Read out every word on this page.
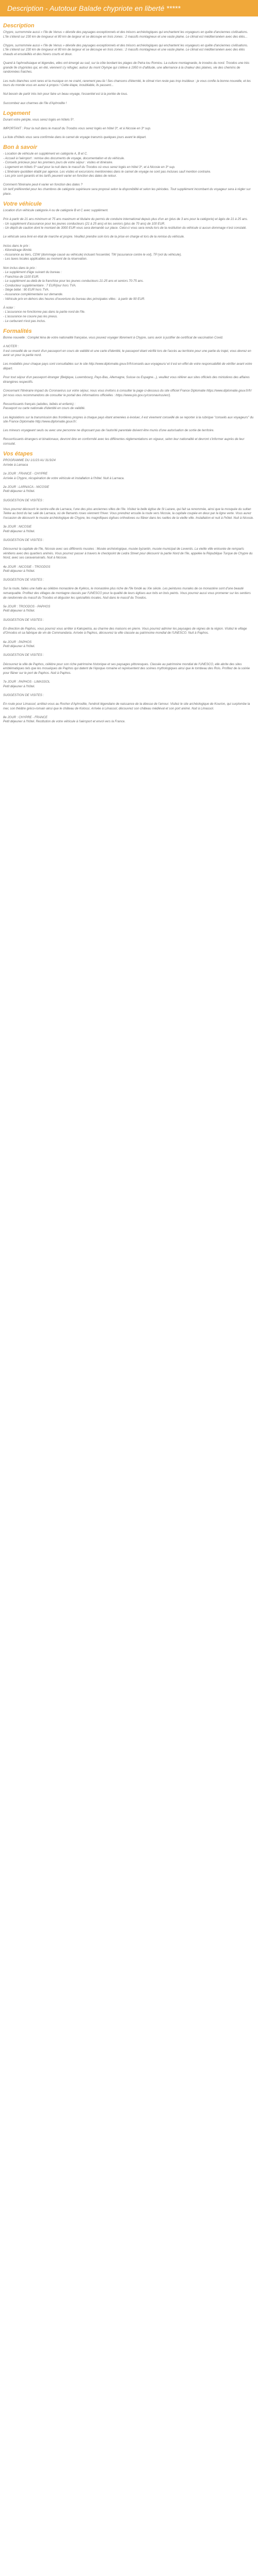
Description - Autotour Balade chypriote en liberté *****
Description

Chypre, surnommée aussi « l'île de Venus » dévoile des paysages exceptionnels et des trésors archéologiques qui enchantent les voyageurs en quête d'anciennes civilisations.
L'île s'étend sur 230 km de longueur et 80 km de largeur et se découpe en trois zones : 2 massifs montagneux et une vaste plaine. Le climat est méditerranéen avec des étés...

Chypre, surnommée aussi « l'île de Venus » dévoile des paysages exceptionnels et des trésors archéologiques qui enchantent les voyageurs en quête d'anciennes civilisations.
L'île s'étend sur 230 km de longueur et 80 km de largeur et se découpe en trois zones : 2 massifs montagneux et une vaste plaine. Le climat est méditerranéen avec des étés chauds et ensoleillés et des hivers courts et doux.

Quand à l'aphrodisiaque et légendes, elles ont émergé au sud, sur la côte bordant les plages de Petra tou Romiou. La culture montagnarde, le troodos du nord. Troodos une très grande île chypriotes qui, en été, viennent s'y réfugier, autour du mont Olympe qui s'élève à 1950 m d'altitude, une alternance à la chaleur des plaines, vie des chemins de randonnées fraiches.

Les nuits blanches sont rares et la musique on ne craint, rarement peu-là ! Ses chansons d'éternité, le climat n'en reste pas trop insidieux : je vous confie la bonne nouvelle, et les tours du monde vous en aurez à propos ! Cette étape, inoubliable, ils passent...

Nul besoin de partir très loin pour faire un beau voyage, l'essentiel est à la portée de tous.

Succombez aux charmes de l'île d'Aphrodite !

Logement

Durant votre périple, vous serez logés en hôtels 5*.

IMPORTANT : Pour la nuit dans le massif du Troodos vous serez logés en hôtel 3*, et à Nicosie en 3* sup.

La liste d'hôtels vous sera confirmée dans le carnet de voyage transmis quelques jours avant le départ.

Bon à savoir

- Location de véhicule en supplément en catégorie A, B et C.
- Accueil à l'aéroport : remise des documents de voyage, documentation et du véhicule.
- Conseils précieux pour les premiers jours de votre séjour : visites et itinéraire.
- Logement en hôtels 5* sauf pour la nuit dans le massif du Troodos où vous serez logés en hôtel 3*, et à Nicosie en 3* sup.
- L'itinéraire quotidien établi par agence. Les visites et excursions mentionnées dans le carnet de voyage ne sont pas incluses sauf mention contraire.
- Les prix sont garantis et les tarifs peuvent varier en fonction des dates de retour.

Comment l'itinéraire peut-il varier en fonction des dates ?
Un tarif préférentiel pour les chambres de catégorie supérieure sera proposé selon la disponibilité et selon les périodes. Tout supplément incombant du voyageur sera à régler sur place.

Votre véhicule

Location d'un véhicule catégorie A ou de catégorie B et C avec supplément.

Prix à partir de 21 ans minimum et 75 ans maximum et titulaire du permis de conduire international depuis plus d'un an (plus de 3 ans pour la catégorie) et âgés de 21 à 25 ans.
- Un supplément d'assurance pour les jeunes conducteurs (21 à 25 ans) et les seniors (plus de 70 ans) de 100 EUR.
- Un dépôt de caution dont le montant de 3000 EUR vous sera demandé sur place. Celui-ci vous sera rendu lors de la restitution du véhicule si aucun dommage n'est constaté.

Le véhicule sera livré en état de marche et propre. Veuillez prendre soin lors de la prise en charge et lors de la remise du véhicule.

Inclus dans le prix :
- Kilométrage illimité.
- Assurance au tiers, CDW (dommage causé au véhicule) incluant l'essentiel, TW (assurance contre le vol), TP (vol du véhicule).
- Les taxes locales applicables au moment de la réservation.

Non inclus dans le prix :
- Le supplément d'âge suivant du bureau :
- Franchise de 1100 EUR.
- Le supplément au-delà de la franchise pour les jeunes conducteurs 21-25 ans et seniors 70-75 ans.
- Conducteur supplémentaire : 7 EUR/jour hors TVA.
- Siège bébé : 90 EUR hors TVA.
- Assurance complémentaire sur demande.
- Véhicule prix en dehors des heures d'ouverture du bureau des principales villes : à partir de 90 EUR.

À noter :
- L'assurance ne fonctionne pas dans la partie nord de l'île.
- L'assurance ne couvre pas les pneus.
- Le carburant n'est pas inclus.

Formalités

Bonne nouvelle : Complet léna de votre nationalité française, vous pouvez voyager librement à Chypre, sans avoir à justifier de certificat de vaccination Covid.

A NOTER :
Il est conseillé de se munir d'un passeport en cours de validité et une carte d'identité, le passeport étant vérifié lors de l'accès au territoire pour une partie du trajet, vous devrez en avoir un pour la partie nord.

Les modalités pour chaque pays sont consultables sur le site http://www.diplomatie.gouv.fr/fr/conseils-aux-voyageurs/ et il est en effet de votre responsabilité de vérifier avant votre départ.

Pour tout séjour d'un passeport étranger (Belgique, Luxembourg, Pays-Bas, Allemagne, Suisse ou Espagne...), veuillez vous référer aux sites officiels des ministères des affaires étrangères respectifs.

Concernant l'itinéraire impact du Coronavirus sur votre séjour, nous vous invitons à consulter la page ci-dessous du site officiel France Diplomatie https://www.diplomatie.gouv.fr/fr/ (et nous vous recommandons de consulter le portail des informations officielles : https://www.pio.gov.cy/coronavirus/en/).

Ressortissants français (adultes, bébés et enfants) :
Passeport ou carte nationale d'identité en cours de validité.

Les législations sur la transmission des frontières propres à chaque pays étant amenées à évoluer, il est vivement conseillé de se reporter à la rubrique "conseils aux voyageurs" du site France Diplomatie http://www.diplomatie.gouv.fr/.

Les mineurs voyageant seuls ou avec une personne ne disposant pas de l'autorité parentale doivent être munis d'une autorisation de sortie de territoire.

Ressortissants étrangers et binationaux, devront être en conformité avec les différentes réglementations en vigueur, selon leur nationalité et devront s'informer auprès de leur consulat.

Vos étapes

PROGRAMME DU 1/1/23 AU 31/3/24
Arrivée à Larnaca

1e JOUR : FRANCE - CHYPRE
Arrivée à Chypre, récupération de votre véhicule et installation à l'hôtel. Nuit à Larnaca.

2e JOUR : LARNACA - NICOSIE
Petit déjeuner à l'hôtel.

SUGGESTION DE VISITES :

Vous pourrez découvrir le centre-ville de Larnaca, l'une des plus anciennes villes de l'île. Visitez la belle église de St Lazare, qui fait sa renommée, ainsi que la mosquée du sultan Tekke au bord du lac salé de Larnaca, où de flamants roses viennent l'hiver. Vous prendrez ensuite la route vers Nicosie, la capitale coupée en deux par la ligne verte. Vous aurez l'occasion de découvrir le musée archéologique de Chypre, les magnifiques églises orthodoxes ou flâner dans les ruelles de la vieille ville. Installation et nuit à l'hôtel. Nuit à Nicosie.

3e JOUR : NICOSIE
Petit déjeuner à l'hôtel.

SUGGESTION DE VISITES :

Découvrez la capitale de l'île, Nicosie avec ses différents musées : Musée archéologique, musée byzantin, musée municipal de Leventis. La vieille ville entourée de remparts vénitiens avec des quartiers animés. Vous pourrez passer à travers le checkpoint de Ledra Street pour découvrir la partie Nord de l'île, appelée la République Turque de Chypre du Nord, avec ses caravansérails. Nuit à Nicosie.

4e JOUR : NICOSIE - TROODOS
Petit déjeuner à l'hôtel.

SUGGESTION DE VISITES :

Sur la route, faites une halte au célèbre monastère de Kykkos, le monastère plus riche de l'île fondé au XIe siècle. Les peintures murales de ce monastère sont d'une beauté remarquable. Profitez des villages de montagne classés par l'UNESCO pour la qualité de leurs églises aux toits en bois peints. Vous pourrez aussi vous promener sur les sentiers de randonnée du massif du Troodos et déguster les spécialités locales. Nuit dans le massif du Troodos.

5e JOUR : TROODOS - PAPHOS
Petit déjeuner à l'hôtel.

SUGGESTION DE VISITES :

En direction de Paphos, vous pourrez vous arrêter à Kakopetria, au charme des maisons en pierre. Vous pourrez admirer les paysages de vignes de la région. Visitez le village d'Omodos et sa fabrique de vin de Commandaria. Arrivée à Paphos, découvrez la ville classée au patrimoine mondial de l'UNESCO. Nuit à Paphos.

6e JOUR : PAPHOS
Petit déjeuner à l'hôtel.

SUGGESTION DE VISITES :

Découvrez la ville de Paphos, célèbre pour son riche patrimoine historique et ses paysages pittoresques. Classée au patrimoine mondial de l'UNESCO, elle abrite des sites emblématiques tels que les mosaïques de Paphos qui datent de l'époque romaine et représentent des scènes mythologiques ainsi que le tombeau des Rois. Profitez de la soirée pour flâner sur le port de Paphos. Nuit à Paphos.

7e JOUR : PAPHOS - LIMASSOL
Petit déjeuner à l'hôtel.

SUGGESTION DE VISITES :

En route pour Limassol, arrêtez-vous au Rocher d'Aphrodite, l'endroit légendaire de naissance de la déesse de l'amour. Visitez le site archéologique de Kourion, qui surplombe la mer, son théâtre gréco-romain ainsi que le château de Kolossi. Arrivée à Limassol, découvrez son château médiéval et son port animé. Nuit à Limassol.

8e JOUR : CHYPRE - FRANCE
Petit déjeuner à l'hôtel. Restitution de votre véhicule à l'aéroport et envol vers la France.
